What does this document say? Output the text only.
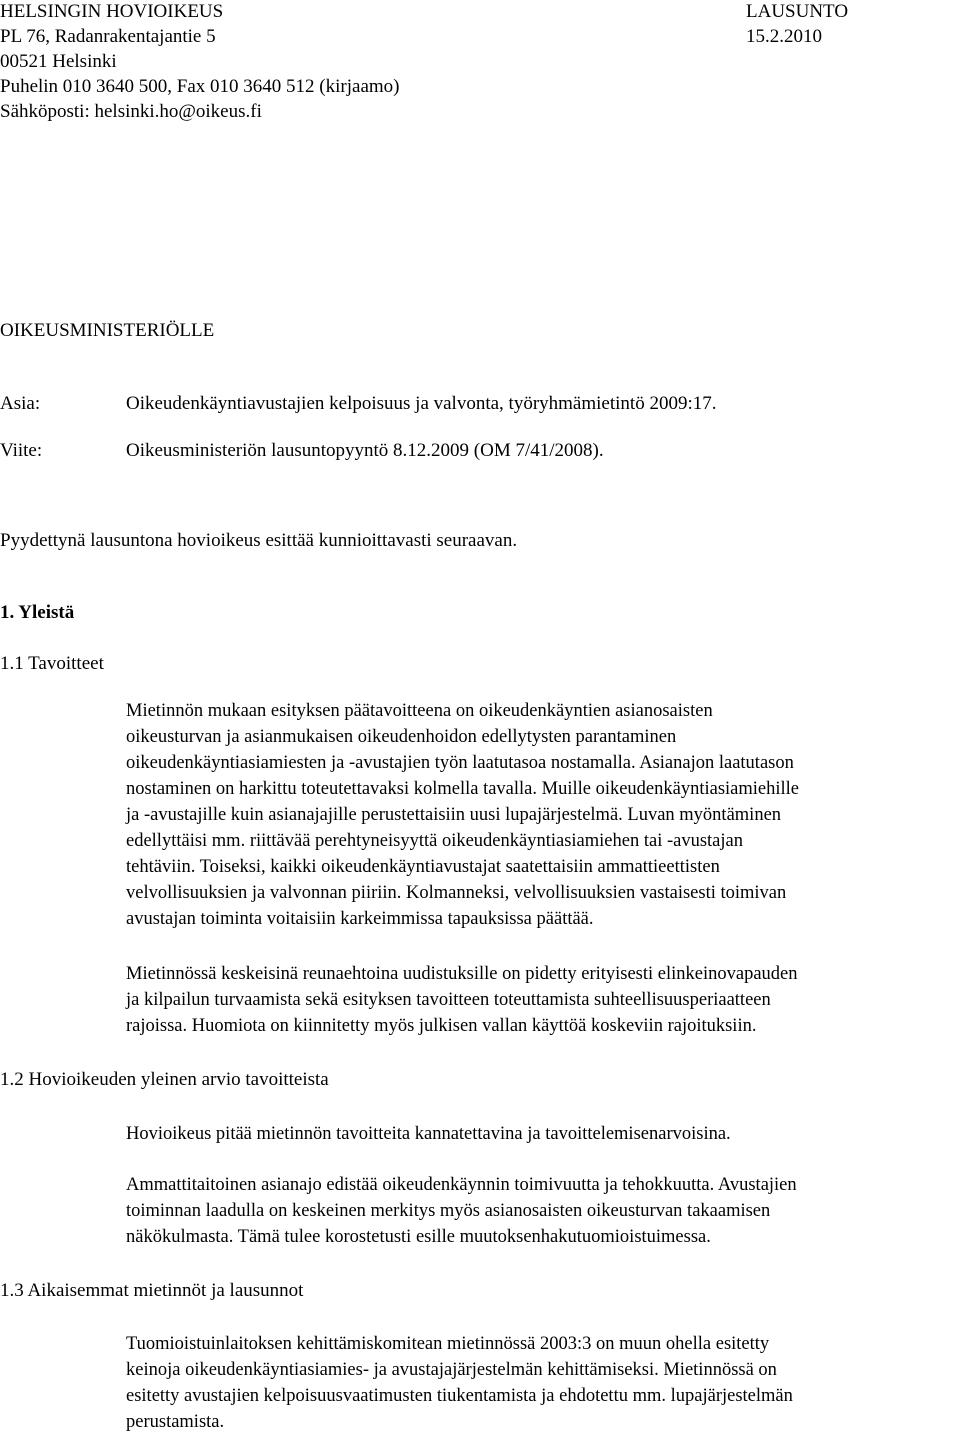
HELSINGIN HOVIOIKEUS
PL 76, Radanrakentajantie 5
00521 Helsinki
Puhelin 010 3640 500, Fax 010 3640 512 (kirjaamo)
Sähköposti: helsinki.ho@oikeus.fi
LAUSUNTO
15.2.2010
OIKEUSMINISTERIÖLLE
Asia:	Oikeudenkäyntiavustajien kelpoisuus ja valvonta, työryhmämietintö 2009:17.
Viite:	Oikeusministeriön lausuntopyyntö 8.12.2009 (OM 7/41/2008).
Pyydettynä lausuntona hovioikeus esittää kunnioittavasti seuraavan.
1. Yleistä
1.1 Tavoitteet
Mietinnön mukaan esityksen päätavoitteena on oikeudenkäyntien asianosaisten
oikeusturvan ja asianmukaisen oikeudenhoidon edellytysten parantaminen
oikeudenkäyntiasiamiesten ja -avustajien työn laatutasoa nostamalla. Asianajon laatutason
nostaminen on harkittu toteutettavaksi kolmella tavalla. Muille oikeudenkäyntiasiamiehille
ja -avustajille kuin asianajajille perustettaisiin uusi lupajärjestelmä. Luvan myöntäminen
edellyttäisi mm. riittävää perehtyneisyyttä oikeudenkäyntiasiamiehen tai -avustajan
tehtäviin. Toiseksi, kaikki oikeudenkäyntiavustajat saatettaisiin ammattieettisten
velvollisuuksien ja valvonnan piiriin. Kolmanneksi, velvollisuuksien vastaisesti toimivan
avustajan toiminta voitaisiin karkeimmissa tapauksissa päättää.
Mietinnössä keskeisinä reunaehtoina uudistuksille on pidetty erityisesti elinkeinovapauden
ja kilpailun turvaamista sekä esityksen tavoitteen toteuttamista suhteellisuusperiaatteen
rajoissa. Huomiota on kiinnitetty myös julkisen vallan käyttöä koskeviin rajoituksiin.
1.2 Hovioikeuden yleinen arvio tavoitteista
Hovioikeus pitää mietinnön tavoitteita kannatettavina ja tavoittelemisenarvoisina.
Ammattitaitoinen asianajo edistää oikeudenkäynnin toimivuutta ja tehokkuutta. Avustajien
toiminnan laadulla on keskeinen merkitys myös asianosaisten oikeusturvan takaamisen
näkökulmasta. Tämä tulee korostetusti esille muutoksenhakutuomioistuimessa.
1.3 Aikaisemmat mietinnöt ja lausunnot
Tuomioistuinlaitoksen kehittämiskomitean mietinnössä 2003:3 on muun ohella esitetty
keinoja oikeudenkäyntiasiamies- ja avustajajärjestelmän kehittämiseksi. Mietinnössä on
esitetty avustajien kelpoisuusvaatimusten tiukentamista ja ehdotettu mm. lupajärjestelmän
perustamista.
